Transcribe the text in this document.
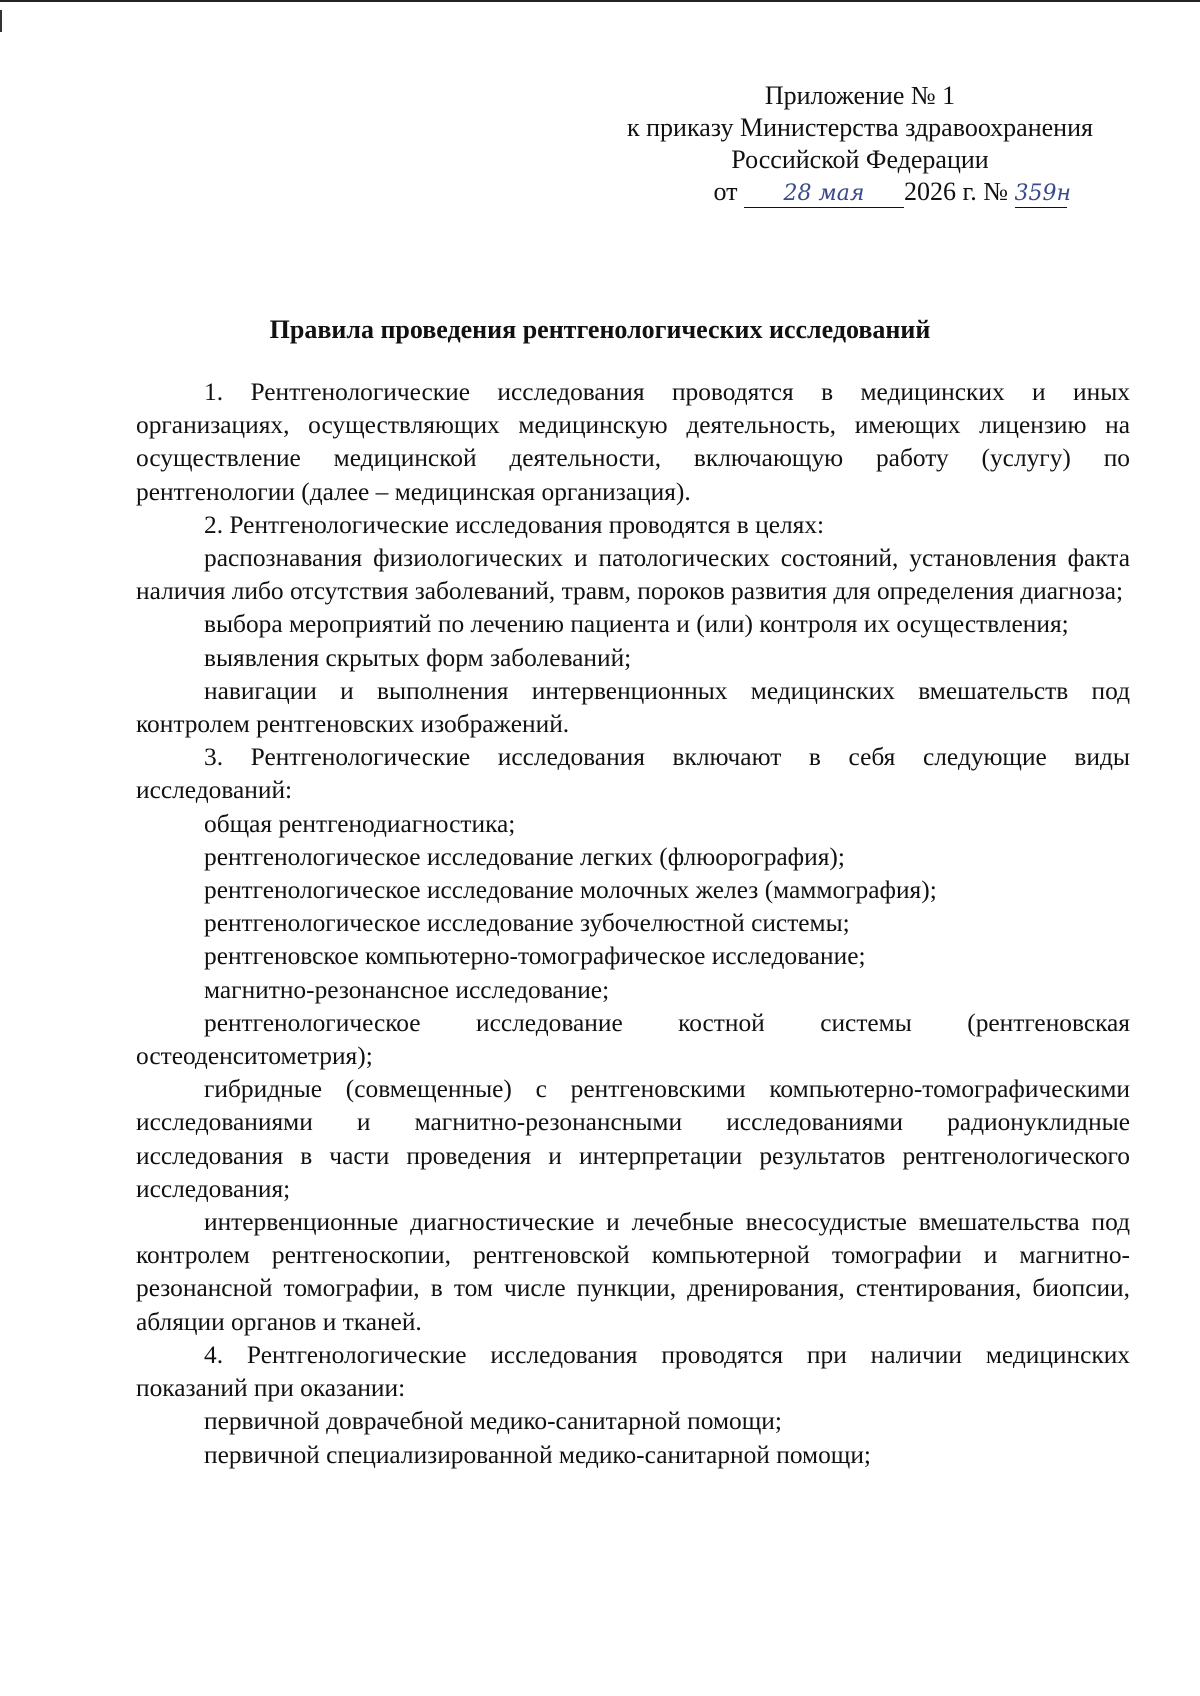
Приложение № 1
к приказу Министерства здравоохранения
Российской Федерации
от 28 мая 2026 г. № 359н
Правила проведения рентгенологических исследований

1. Рентгенологические исследования проводятся в медицинских и иных организациях, осуществляющих медицинскую деятельность, имеющих лицензию на осуществление медицинской деятельности, включающую работу (услугу) по рентгенологии (далее – медицинская организация).

2. Рентгенологические исследования проводятся в целях:

распознавания физиологических и патологических состояний, установления факта наличия либо отсутствия заболеваний, травм, пороков развития для определения диагноза;

выбора мероприятий по лечению пациента и (или) контроля их осуществления;

выявления скрытых форм заболеваний;

навигации и выполнения интервенционных медицинских вмешательств под контролем рентгеновских изображений.

3. Рентгенологические исследования включают в себя следующие виды исследований:

общая рентгенодиагностика;

рентгенологическое исследование легких (флюорография);

рентгенологическое исследование молочных желез (маммография);

рентгенологическое исследование зубочелюстной системы;

рентгеновское компьютерно-томографическое исследование;

магнитно-резонансное исследование;

рентгенологическое исследование костной системы (рентгеновская остеоденситометрия);

гибридные (совмещенные) с рентгеновскими компьютерно-томографическими исследованиями и магнитно-резонансными исследованиями радионуклидные исследования в части проведения и интерпретации результатов рентгенологического исследования;

интервенционные диагностические и лечебные внесосудистые вмешательства под контролем рентгеноскопии, рентгеновской компьютерной томографии и магнитно-резонансной томографии, в том числе пункции, дренирования, стентирования, биопсии, абляции органов и тканей.

4. Рентгенологические исследования проводятся при наличии медицинских показаний при оказании:

первичной доврачебной медико-санитарной помощи;

первичной специализированной медико-санитарной помощи;
